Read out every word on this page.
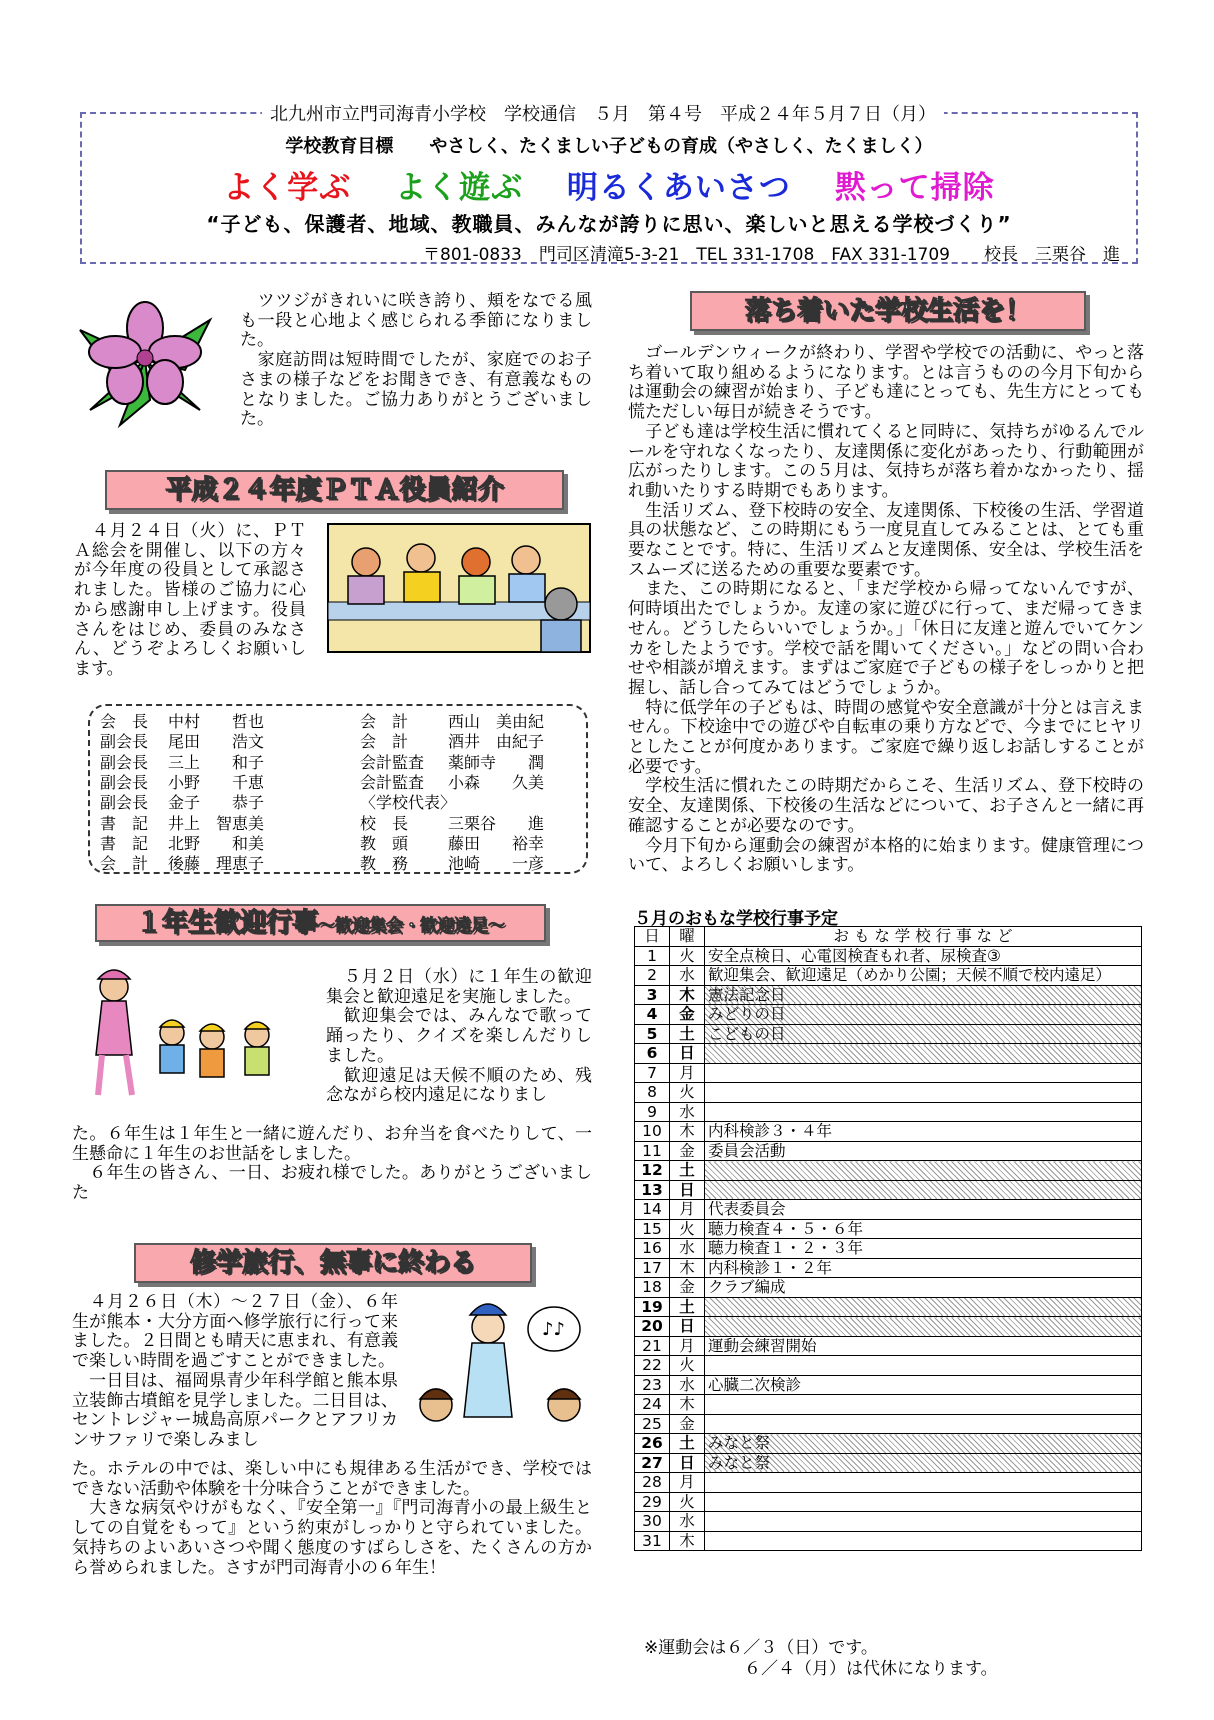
北九州市立門司海青小学校　学校通信　５月　第４号　平成２４年５月７日（月）
学校教育目標　　やさしく、たくましい子どもの育成（やさしく、たくましく）
よく学ぶ　 よく遊ぶ　 明るくあいさつ　 黙って掃除
“子ども、保護者、地域、教職員、みんなが誇りに思い、楽しいと思える学校づくり”
〒801-0833　門司区清滝5-3-21　TEL 331-1708　FAX 331-1709　　校長　三栗谷　進
　ツツジがきれいに咲き誇り、頬をなでる風も一段と心地よく感じられる季節になりました。
　家庭訪問は短時間でしたが、家庭でのお子さまの様子などをお聞きでき、有意義なものとなりました。ご協力ありがとうございました。
平成２４年度ＰＴＡ役員紹介
　４月２４日（火）に、ＰＴＡ総会を開催し、以下の方々が今年度の役員として承認されました。皆様のご協力に心から感謝申し上げます。役員さんをはじめ、委員のみなさん、どうぞよろしくお願いします。
会　長 中村　　哲也
副会長 尾田　　浩文
副会長 三上　　和子
副会長 小野　　千恵
副会長 金子　　恭子
書　記 井上　智恵美
書　記 北野　　和美
会　計 後藤　理恵子
会　計 西山　美由紀
会　計 酒井　由紀子
会計監査 薬師寺　　潤
会計監査 小森　　久美
〈学校代表〉
校　長 三栗谷　　進
教　頭 藤田　　裕幸
教　務 池崎　　一彦
１年生歓迎行事～歓迎集会・歓迎遠足～
　５月２日（水）に１年生の歓迎集会と歓迎遠足を実施しました。
　歓迎集会では、みんなで歌って踊ったり、クイズを楽しんだりしました。
　歓迎遠足は天候不順のため、残念ながら校内遠足になりまし
た。６年生は１年生と一緒に遊んだり、お弁当を食べたりして、一生懸命に１年生のお世話をしました。
　６年生の皆さん、一日、お疲れ様でした。ありがとうございました
修学旅行、無事に終わる
　４月２６日（木）～２７日（金）、６年生が熊本・大分方面へ修学旅行に行って来ました。２日間とも晴天に恵まれ、有意義で楽しい時間を過ごすことができました。
　一日目は、福岡県青少年科学館と熊本県立装飾古墳館を見学しました。二日目は、セントレジャー城島高原パークとアフリカンサファリで楽しみまし
♪♪
た。ホテルの中では、楽しい中にも規律ある生活ができ、学校ではできない活動や体験を十分味合うことができました。
　大きな病気やけがもなく、『安全第一』『門司海青小の最上級生としての自覚をもって』という約束がしっかりと守られていました。気持ちのよいあいさつや聞く態度のすばらしさを、たくさんの方から誉められました。さすが門司海青小の６年生！
落ち着いた学校生活を！
　ゴールデンウィークが終わり、学習や学校での活動に、やっと落ち着いて取り組めるようになります。とは言うものの今月下旬からは運動会の練習が始まり、子ども達にとっても、先生方にとっても慌ただしい毎日が続きそうです。
　子ども達は学校生活に慣れてくると同時に、気持ちがゆるんでルールを守れなくなったり、友達関係に変化があったり、行動範囲が広がったりします。この５月は、気持ちが落ち着かなかったり、揺れ動いたりする時期でもあります。
　生活リズム、登下校時の安全、友達関係、下校後の生活、学習道具の状態など、この時期にもう一度見直してみることは、とても重要なことです。特に、生活リズムと友達関係、安全は、学校生活をスムーズに送るための重要な要素です。
　また、この時期になると、「まだ学校から帰ってないんですが、何時頃出たでしょうか。友達の家に遊びに行って、まだ帰ってきません。どうしたらいいでしょうか。」「休日に友達と遊んでいてケンカをしたようです。学校で話を聞いてください。」などの問い合わせや相談が増えます。まずはご家庭で子どもの様子をしっかりと把握し、話し合ってみてはどうでしょうか。
　特に低学年の子どもは、時間の感覚や安全意識が十分とは言えません。下校途中での遊びや自転車の乗り方などで、今までにヒヤリとしたことが何度かあります。ご家庭で繰り返しお話しすることが必要です。
　学校生活に慣れたこの時期だからこそ、生活リズム、登下校時の安全、友達関係、下校後の生活などについて、お子さんと一緒に再確認することが必要なのです。
　今月下旬から運動会の練習が本格的に始まります。健康管理について、よろしくお願いします。
５月のおもな学校行事予定
日	曜	お も な 学 校 行 事 な ど
1	火	安全点検日、心電図検査もれ者、尿検査③
2	水	歓迎集会、歓迎遠足（めかり公園；天候不順で校内遠足）
3	木	憲法記念日
4	金	みどりの日
5	土	こどもの日
6	日	
7	月	
8	火	
9	水	
10	木	内科検診３・４年
11	金	委員会活動
12	土	
13	日	
14	月	代表委員会
15	火	聴力検査４・５・６年
16	水	聴力検査１・２・３年
17	木	内科検診１・２年
18	金	クラブ編成
19	土	
20	日	
21	月	運動会練習開始
22	火	
23	水	心臓二次検診
24	木	
25	金	
26	土	みなと祭
27	日	みなと祭
28	月	
29	火	
30	水	
31	木	
※運動会は６／３（日）です。
６／４（月）は代休になります。
